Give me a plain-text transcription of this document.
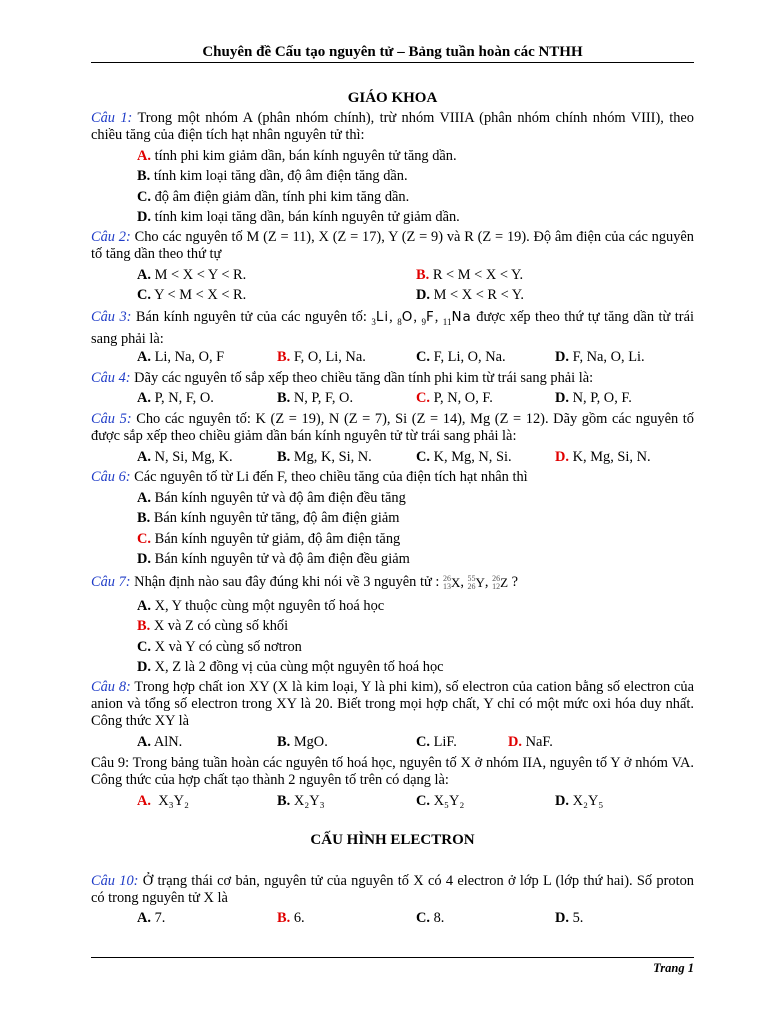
Chuyên đề Cấu tạo nguyên tử – Bảng tuần hoàn các NTHH
GIÁO KHOA
Câu 1: Trong một nhóm A (phân nhóm chính), trừ nhóm VIIIA (phân nhóm chính nhóm VIII), theo chiều tăng của điện tích hạt nhân nguyên tử thì:
A. tính phi kim giảm dần, bán kính nguyên tử tăng dần.
B. tính kim loại tăng dần, độ âm điện tăng dần.
C. độ âm điện giảm dần, tính phi kim tăng dần.
D. tính kim loại tăng dần, bán kính nguyên tử giảm dần.
Câu 2: Cho các nguyên tố M (Z = 11), X (Z = 17), Y (Z = 9) và R (Z = 19). Độ âm điện của các nguyên tố tăng dần theo thứ tự
A. M < X < Y < R.	B. R < M < X < Y.
C. Y < M < X < R.	D. M < X < R < Y.
Câu 3: Bán kính nguyên tử của các nguyên tố: $_3$Li, $_8$O, $_9$F, $_{11}$Na được xếp theo thứ tự tăng dần từ trái sang phải là:
A. Li, Na, O, F	B. F, O, Li, Na.	C. F, Li, O, Na.	D. F, Na, O, Li.
Câu 4: Dãy các nguyên tố sắp xếp theo chiều tăng dần tính phi kim từ trái sang phải là:
A. P, N, F, O.	B. N, P, F, O.	C. P, N, O, F.	D. N, P, O, F.
Câu 5: Cho các nguyên tố: K (Z = 19), N (Z = 7), Si (Z = 14), Mg (Z = 12). Dãy gồm các nguyên tố được sắp xếp theo chiều giảm dần bán kính nguyên tử từ trái sang phải là:
A. N, Si, Mg, K.	B. Mg, K, Si, N.	C. K, Mg, N, Si.	D. K, Mg, Si, N.
Câu 6: Các nguyên tố từ Li đến F, theo chiều tăng của điện tích hạt nhân thì
A. Bán kính nguyên tử và độ âm điện đều tăng
B. Bán kính nguyên tử tăng, độ âm điện giảm
C. Bán kính nguyên tử giảm, độ âm điện tăng
D. Bán kính nguyên tử và độ âm điện đều giảm
Câu 7: Nhận định nào sau đây đúng khi nói về 3 nguyên tử : 26
13X, 55
26Y, 26
12Z ?
A. X, Y thuộc cùng một nguyên tố hoá học
B. X và Z có cùng số khối
C. X và Y có cùng số nơtron
D. X, Z là 2 đồng vị của cùng một nguyên tố hoá học
Câu 8: Trong hợp chất ion XY (X là kim loại, Y là phi kim), số electron của cation bằng số electron của anion và tổng số electron trong XY là 20. Biết trong mọi hợp chất, Y chỉ có một mức oxi hóa duy nhất. Công thức XY là
A. AlN.	B. MgO.	C. LiF.	D. NaF.
Câu 9: Trong bảng tuần hoàn các nguyên tố hoá học, nguyên tố X ở nhóm IIA, nguyên tố Y ở nhóm VA. Công thức của hợp chất tạo thành 2 nguyên tố trên có dạng là:
A. X₃Y₂	B. X₂Y₃	C. X₅Y₂	D. X₂Y₅
CẤU HÌNH ELECTRON
Câu 10: Ở trạng thái cơ bản, nguyên tử của nguyên tố X có 4 electron ở lớp L (lớp thứ hai). Số proton có trong nguyên tử X là
A. 7.	B. 6.	C. 8.	D. 5.
Trang 1
